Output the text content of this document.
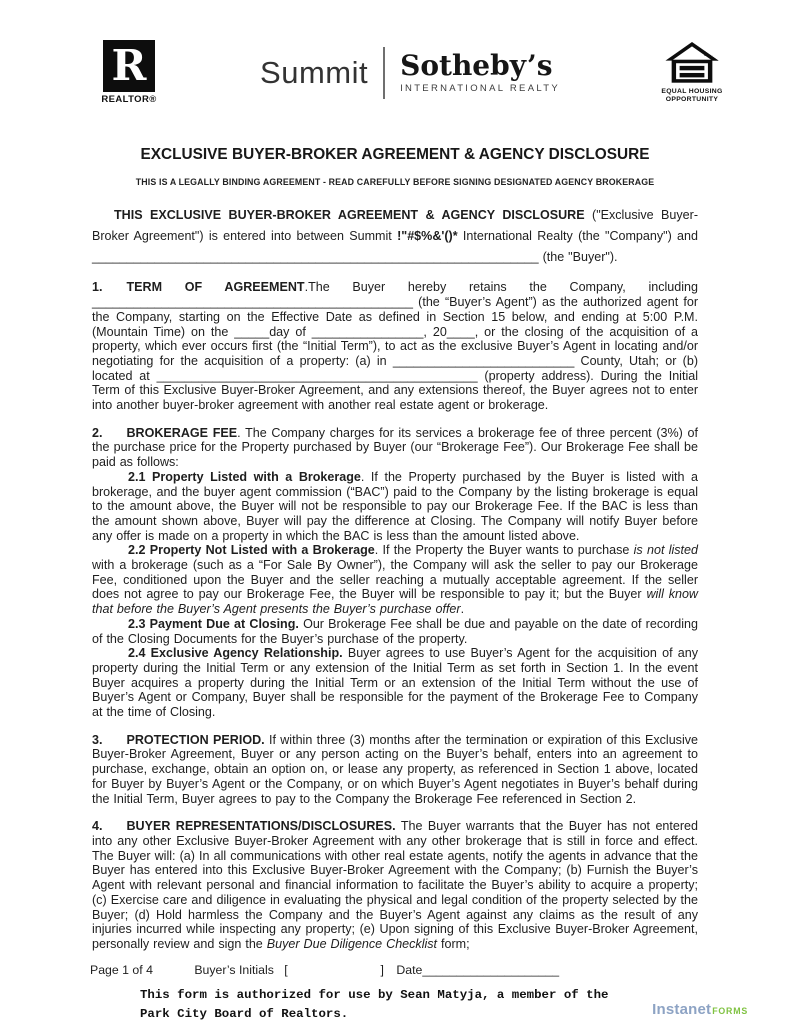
R
REALTOR®
Summit Sotheby’s
INTERNATIONAL REALTY	EQUAL HOUSING
OPPORTUNITY
EXCLUSIVE BUYER-BROKER AGREEMENT & AGENCY DISCLOSURE
THIS IS A LEGALLY BINDING AGREEMENT - READ CAREFULLY BEFORE SIGNING DESIGNATED AGENCY BROKERAGE

THIS EXCLUSIVE BUYER-BROKER AGREEMENT & AGENCY DISCLOSURE ("Exclusive Buyer-Broker Agreement") is entered into between Summit !"#$%&'()* International Realty (the "Company") and ________________________________________________________________ (the "Buyer").

1. TERM OF AGREEMENT.The Buyer hereby retains the Company, including ______________________________________________ (the “Buyer’s Agent”) as the authorized agent for the Company, starting on the Effective Date as defined in Section 15 below, and ending at 5:00 P.M. (Mountain Time) on the _____day of ________________, 20____, or the closing of the acquisition of a property, which ever occurs first (the “Initial Term”), to act as the exclusive Buyer’s Agent in locating and/or negotiating for the acquisition of a property: (a) in __________________________ County, Utah; or (b) located at ______________________________________________ (property address). During the Initial Term of this Exclusive Buyer-Broker Agreement, and any extensions thereof, the Buyer agrees not to enter into another buyer-broker agreement with another real estate agent or brokerage.

2. BROKERAGE FEE. The Company charges for its services a brokerage fee of three percent (3%) of the purchase price for the Property purchased by Buyer (our “Brokerage Fee”). Our Brokerage Fee shall be paid as follows:

2.1 Property Listed with a Brokerage. If the Property purchased by the Buyer is listed with a brokerage, and the buyer agent commission (“BAC”) paid to the Company by the listing brokerage is equal to the amount above, the Buyer will not be responsible to pay our Brokerage Fee. If the BAC is less than the amount shown above, Buyer will pay the difference at Closing. The Company will notify Buyer before any offer is made on a property in which the BAC is less than the amount listed above.

2.2 Property Not Listed with a Brokerage. If the Property the Buyer wants to purchase is not listed with a brokerage (such as a “For Sale By Owner”), the Company will ask the seller to pay our Brokerage Fee, conditioned upon the Buyer and the seller reaching a mutually acceptable agreement. If the seller does not agree to pay our Brokerage Fee, the Buyer will be responsible to pay it; but the Buyer will know that before the Buyer’s Agent presents the Buyer’s purchase offer.

2.3 Payment Due at Closing. Our Brokerage Fee shall be due and payable on the date of recording of the Closing Documents for the Buyer’s purchase of the property.

2.4 Exclusive Agency Relationship. Buyer agrees to use Buyer’s Agent for the acquisition of any property during the Initial Term or any extension of the Initial Term as set forth in Section 1. In the event Buyer acquires a property during the Initial Term or an extension of the Initial Term without the use of Buyer’s Agent or Company, Buyer shall be responsible for the payment of the Brokerage Fee to Company at the time of Closing.

3. PROTECTION PERIOD. If within three (3) months after the termination or expiration of this Exclusive Buyer-Broker Agreement, Buyer or any person acting on the Buyer’s behalf, enters into an agreement to purchase, exchange, obtain an option on, or lease any property, as referenced in Section 1 above, located for Buyer by Buyer’s Agent or the Company, or on which Buyer’s Agent negotiates in Buyer’s behalf during the Initial Term, Buyer agrees to pay to the Company the Brokerage Fee referenced in Section 2.

4. BUYER REPRESENTATIONS/DISCLOSURES. The Buyer warrants that the Buyer has not entered into any other Exclusive Buyer-Broker Agreement with any other brokerage that is still in force and effect. The Buyer will: (a) In all communications with other real estate agents, notify the agents in advance that the Buyer has entered into this Exclusive Buyer-Broker Agreement with the Company; (b) Furnish the Buyer’s Agent with relevant personal and financial information to facilitate the Buyer’s ability to acquire a property; (c) Exercise care and diligence in evaluating the physical and legal condition of the property selected by the Buyer; (d) Hold harmless the Company and the Buyer’s Agent against any claims as the result of any injuries incurred while inspecting any property; (e) Upon signing of this Exclusive Buyer-Broker Agreement, personally review and sign the Buyer Due Diligence Checklist form;

Page 1 of 4	Buyer’s Initials [	] Date____________________
This form is authorized for use by Sean Matyja, a member of the
Park City Board of Realtors.	InstanetFORMS
